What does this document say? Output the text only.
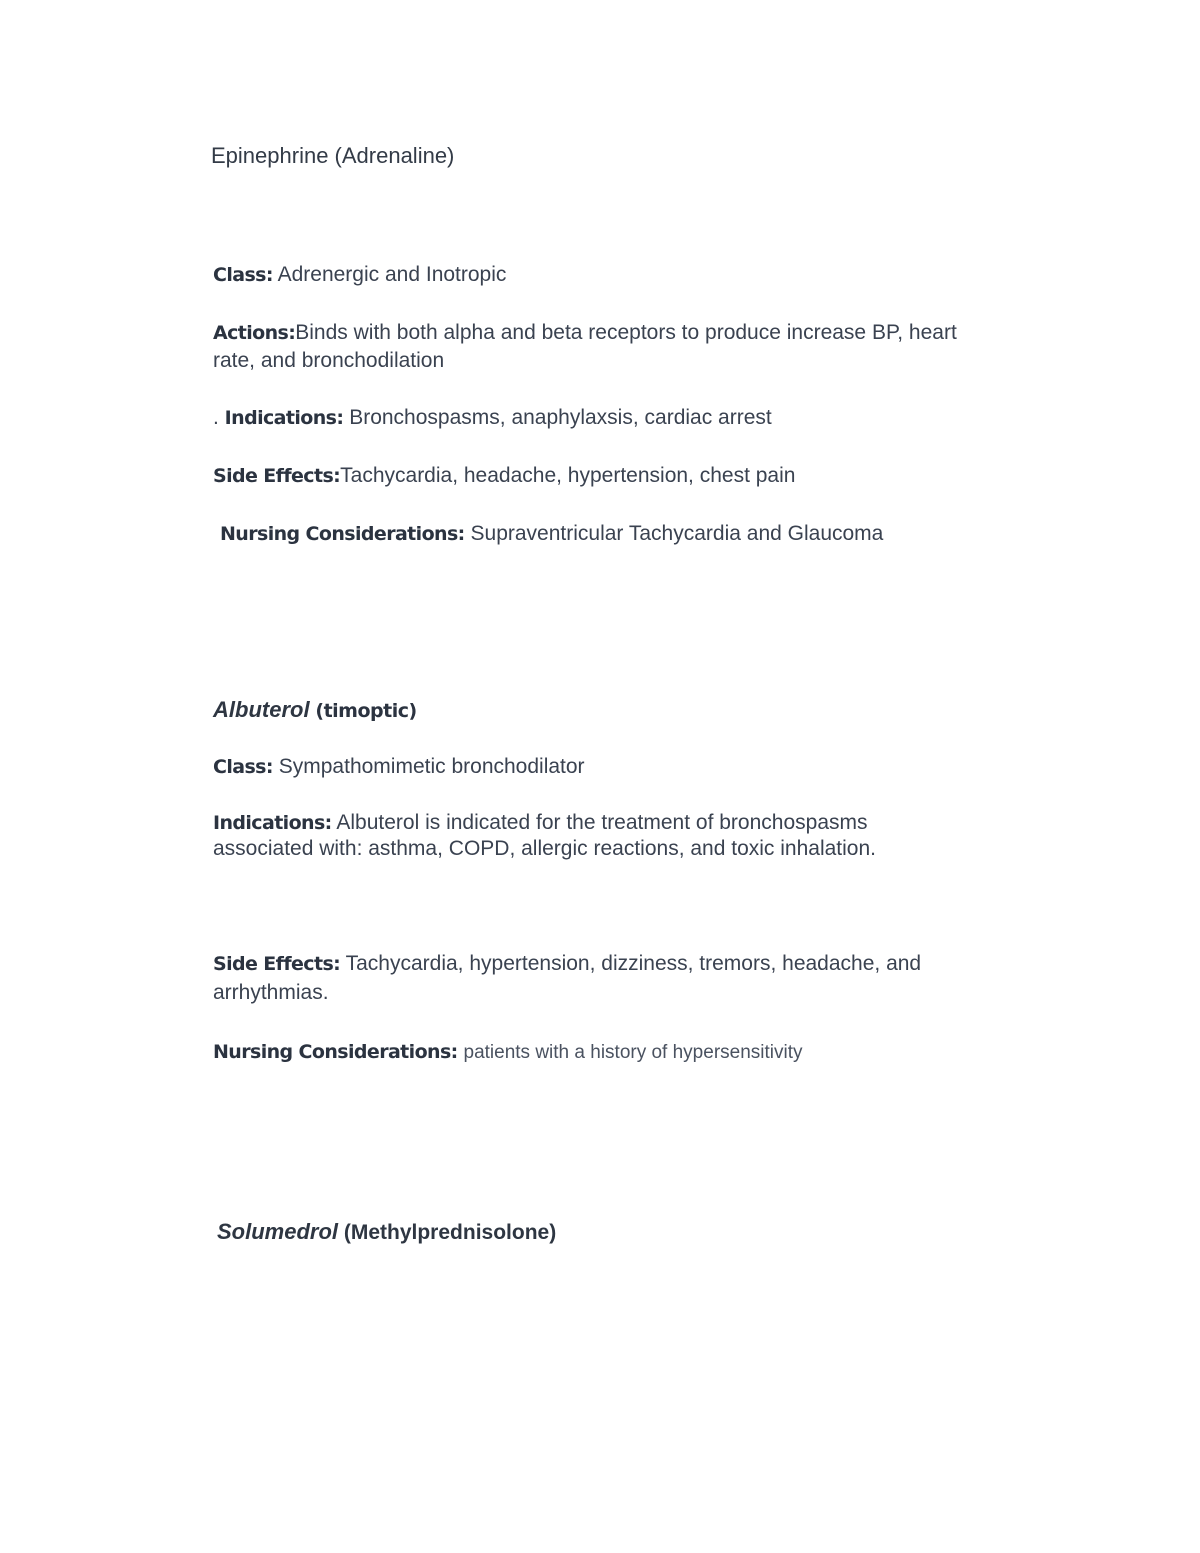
Epinephrine (Adrenaline)
Class: Adrenergic and Inotropic
Actions:Binds with both alpha and beta receptors to produce increase BP, heart
rate, and bronchodilation
. Indications: Bronchospasms, anaphylaxsis, cardiac arrest
Side Effects:Tachycardia, headache, hypertension, chest pain
Nursing Considerations: Supraventricular Tachycardia and Glaucoma
Albuterol (timoptic)
Class: Sympathomimetic bronchodilator
Indications: Albuterol is indicated for the treatment of bronchospasms
associated with: asthma, COPD, allergic reactions, and toxic inhalation.
Side Effects: Tachycardia, hypertension, dizziness, tremors, headache, and
arrhythmias.
Nursing Considerations: patients with a history of hypersensitivity
Solumedrol (Methylprednisolone)
